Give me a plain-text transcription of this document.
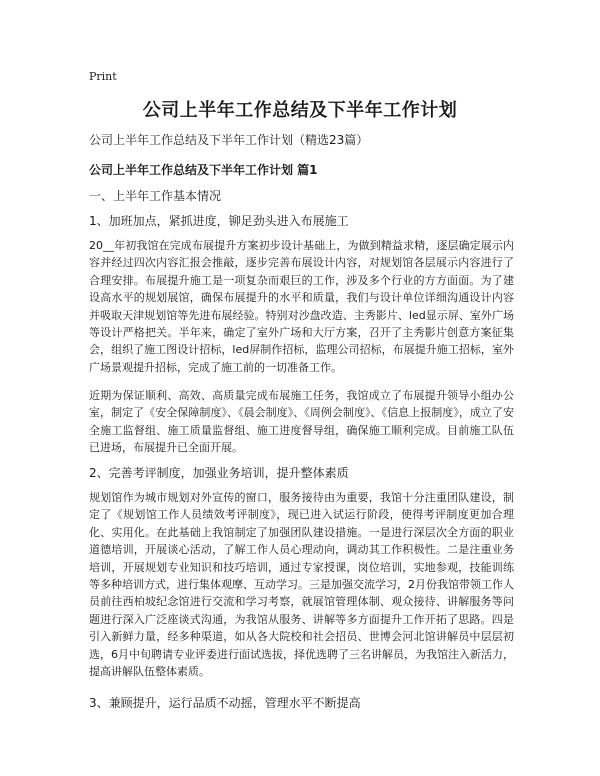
Print
公司上半年工作总结及下半年工作计划
公司上半年工作总结及下半年工作计划（精选23篇）
公司上半年工作总结及下半年工作计划 篇1
一、上半年工作基本情况
1、加班加点，紧抓进度，铆足劲头进入布展施工

20__年初我馆在完成布展提升方案初步设计基础上，为做到精益求精，逐层确定展示内容并经过四次内容汇报会推敲，逐步完善布展设计内容，对规划馆各层展示内容进行了合理安排。布展提升施工是一项复杂而艰巨的工作，涉及多个行业的方方面面。为了建设高水平的规划展馆，确保布展提升的水平和质量，我们与设计单位详细沟通设计内容并吸取天津规划馆等先进布展经验。特别对沙盘改造、主秀影片、led显示屏、室外广场等设计严格把关。半年来，确定了室外广场和大厅方案，召开了主秀影片创意方案征集会，组织了施工图设计招标，led屏制作招标，监理公司招标，布展提升施工招标，室外广场景观提升招标，完成了施工前的一切准备工作。

近期为保证顺利、高效、高质量完成布展施工任务，我馆成立了布展提升领导小组办公室，制定了《安全保障制度》、《晨会制度》、《周例会制度》、《信息上报制度》，成立了安全施工监督组、施工质量监督组、施工进度督导组，确保施工顺利完成。目前施工队伍已进场，布展提升已全面开展。

2、完善考评制度，加强业务培训，提升整体素质

规划馆作为城市规划对外宣传的窗口，服务接待由为重要，我馆十分注重团队建设，制定了《规划馆工作人员绩效考评制度》，现已进入试运行阶段，使得考评制度更加合理化、实用化。在此基础上我馆制定了加强团队建设措施。一是进行深层次全方面的职业道德培训，开展谈心活动，了解工作人员心理动向，调动其工作积极性。二是注重业务培训，开展规划专业知识和技巧培训，通过专家授课，岗位培训，实地参观，技能训练等多种培训方式，进行集体观摩、互动学习。三是加强交流学习，2月份我馆带领工作人员前往西柏坡纪念馆进行交流和学习考察，就展馆管理体制、观众接待、讲解服务等问题进行深入广泛座谈式沟通，为我馆从服务、讲解等多方面提升工作开拓了思路。四是引入新鲜力量，经多种渠道，如从各大院校和社会招员、世博会河北馆讲解员中层层初选，6月中旬聘请专业评委进行面试选拔，择优选聘了三名讲解员，为我馆注入新活力，提高讲解队伍整体素质。

3、兼顾提升，运行品质不动摇，管理水平不断提高
